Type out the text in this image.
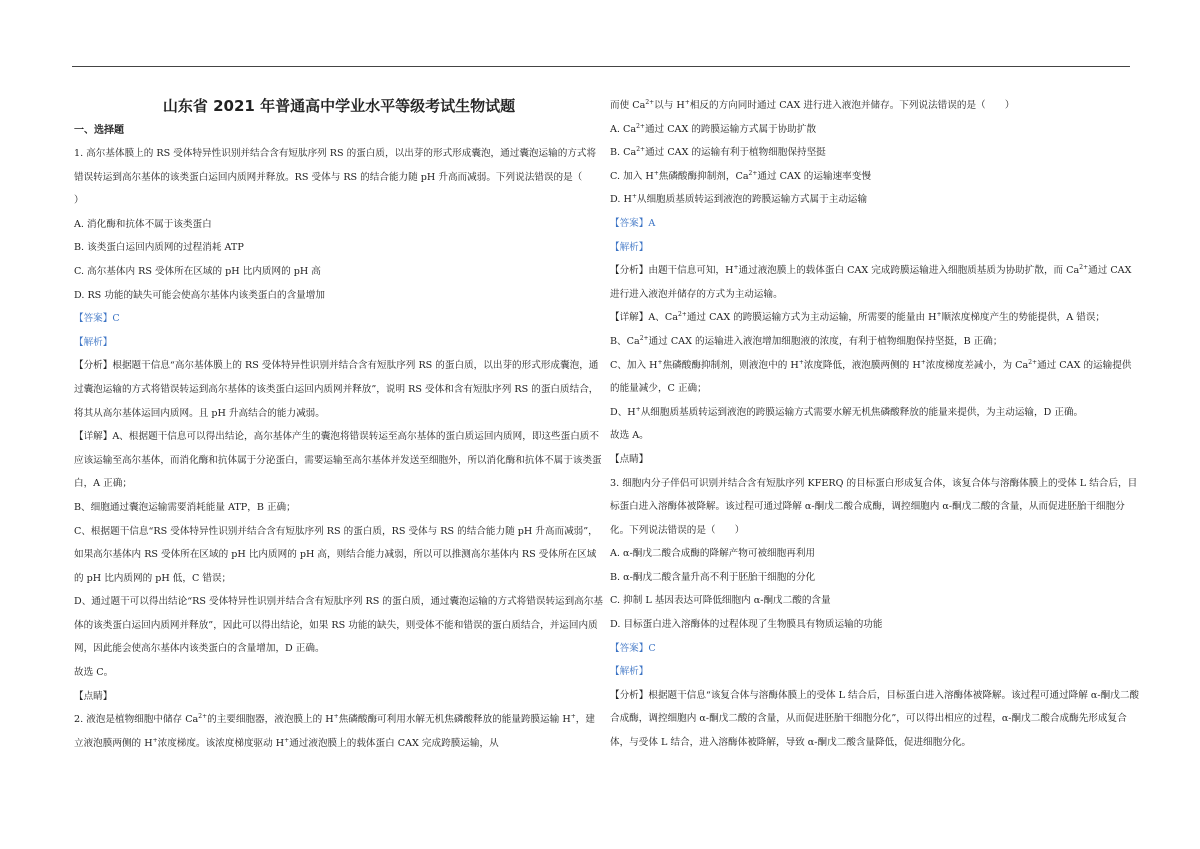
山东省 2021 年普通高中学业水平等级考试生物试题
一、选择题

1. 高尔基体膜上的 RS 受体特异性识别并结合含有短肽序列 RS 的蛋白质，以出芽的形式形成囊泡，通过囊泡运输的方式将错误转运到高尔基体的该类蛋白运回内质网并释放。RS 受体与 RS 的结合能力随 pH 升高而减弱。下列说法错误的是（　　）

A. 消化酶和抗体不属于该类蛋白

B. 该类蛋白运回内质网的过程消耗 ATP

C. 高尔基体内 RS 受体所在区域的 pH 比内质网的 pH 高

D. RS 功能的缺失可能会使高尔基体内该类蛋白的含量增加

【答案】C

【解析】

【分析】根据题干信息“高尔基体膜上的 RS 受体特异性识别并结合含有短肽序列 RS 的蛋白质，以出芽的形式形成囊泡，通过囊泡运输的方式将错误转运到高尔基体的该类蛋白运回内质网并释放”，说明 RS 受体和含有短肽序列 RS 的蛋白质结合，将其从高尔基体运回内质网。且 pH 升高结合的能力减弱。

【详解】A、根据题干信息可以得出结论，高尔基体产生的囊泡将错误转运至高尔基体的蛋白质运回内质网，即这些蛋白质不应该运输至高尔基体，而消化酶和抗体属于分泌蛋白，需要运输至高尔基体并发送至细胞外，所以消化酶和抗体不属于该类蛋白，A 正确；

B、细胞通过囊泡运输需要消耗能量 ATP，B 正确；

C、根据题干信息“RS 受体特异性识别并结合含有短肽序列 RS 的蛋白质，RS 受体与 RS 的结合能力随 pH 升高而减弱”，如果高尔基体内 RS 受体所在区域的 pH 比内质网的 pH 高，则结合能力减弱，所以可以推测高尔基体内 RS 受体所在区域的 pH 比内质网的 pH 低，C 错误；

D、通过题干可以得出结论“RS 受体特异性识别并结合含有短肽序列 RS 的蛋白质，通过囊泡运输的方式将错误转运到高尔基体的该类蛋白运回内质网并释放”，因此可以得出结论，如果 RS 功能的缺失，则受体不能和错误的蛋白质结合，并运回内质网，因此能会使高尔基体内该类蛋白的含量增加，D 正确。

故选 C。

【点睛】

2. 液泡是植物细胞中储存 $Ca^{2+}$的主要细胞器，液泡膜上的 H+焦磷酸酶可利用水解无机焦磷酸释放的能量跨膜运输 H+，建立液泡膜两侧的 H+浓度梯度。该浓度梯度驱动 H+通过液泡膜上的载体蛋白 CAX 完成跨膜运输，从

而使 $Ca^{2+}$以与 H+相反的方向同时通过 CAX 进行进入液泡并储存。下列说法错误的是（　　）

A. $Ca^{2+}$通过 CAX 的跨膜运输方式属于协助扩散

B. $Ca^{2+}$通过 CAX 的运输有利于植物细胞保持坚挺

C. 加入 H+焦磷酸酶抑制剂，$Ca^{2+}$通过 CAX 的运输速率变慢

D. H+从细胞质基质转运到液泡的跨膜运输方式属于主动运输

【答案】A

【解析】

【分析】由题干信息可知，H+通过液泡膜上的载体蛋白 CAX 完成跨膜运输进入细胞质基质为协助扩散，而 $Ca^{2+}$通过 CAX 进行进入液泡并储存的方式为主动运输。

【详解】A、$Ca^{2+}$通过 CAX 的跨膜运输方式为主动运输，所需要的能量由 H+顺浓度梯度产生的势能提供，A 错误；

B、$Ca^{2+}$通过 CAX 的运输进入液泡增加细胞液的浓度，有利于植物细胞保持坚挺，B 正确；

C、加入 H+焦磷酸酶抑制剂，则液泡中的 H+浓度降低，液泡膜两侧的 H+浓度梯度差减小，为 $Ca^{2+}$通过 CAX 的运输提供的能量减少，C 正确；

D、H+从细胞质基质转运到液泡的跨膜运输方式需要水解无机焦磷酸释放的能量来提供，为主动运输，D 正确。

故选 A。

【点睛】

3. 细胞内分子伴侣可识别并结合含有短肽序列 KFERQ 的目标蛋白形成复合体，该复合体与溶酶体膜上的受体 L 结合后，目标蛋白进入溶酶体被降解。该过程可通过降解 α-酮戊二酸合成酶，调控细胞内 α-酮戊二酸的含量，从而促进胚胎干细胞分化。下列说法错误的是（　　）

A. α-酮戊二酸合成酶的降解产物可被细胞再利用

B. α-酮戊二酸含量升高不利于胚胎干细胞的分化

C. 抑制 L 基因表达可降低细胞内 α-酮戊二酸的含量

D. 目标蛋白进入溶酶体的过程体现了生物膜具有物质运输的功能

【答案】C

【解析】

【分析】根据题干信息“该复合体与溶酶体膜上的受体 L 结合后，目标蛋白进入溶酶体被降解。该过程可通过降解 α-酮戊二酸合成酶，调控细胞内 α-酮戊二酸的含量，从而促进胚胎干细胞分化”，可以得出相应的过程，α-酮戊二酸合成酶先形成复合体，与受体 L 结合，进入溶酶体被降解，导致 α-酮戊二酸含量降低，促进细胞分化。
